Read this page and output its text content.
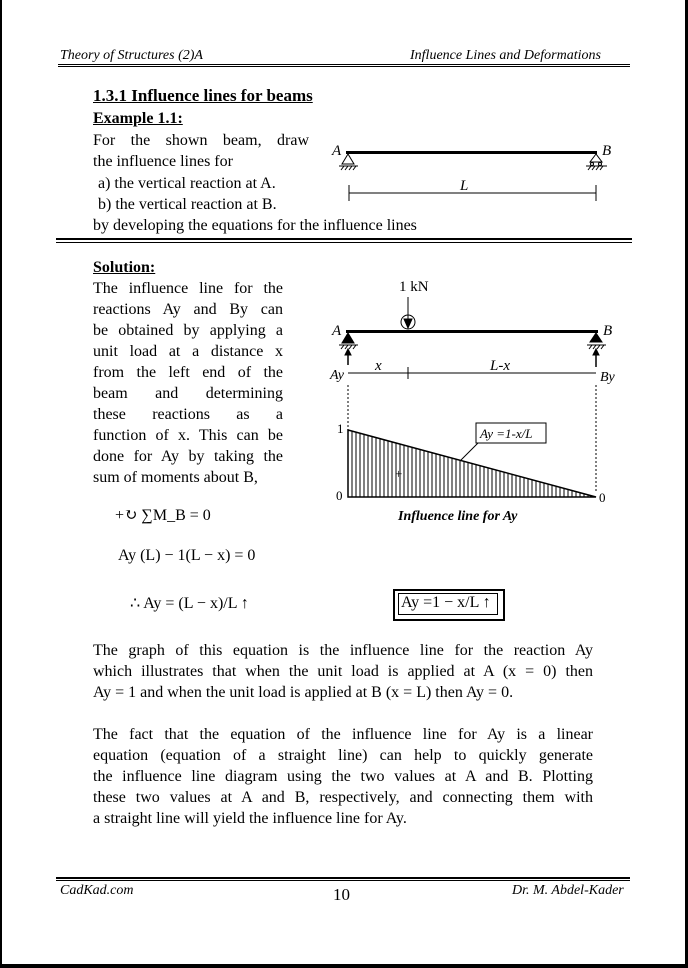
Theory of Structures (2)A	Influence Lines and Deformations
1.3.1 Influence lines for beams
Example 1.1:
For the shown beam, draw
the influence lines for
a) the vertical reaction at A.
b) the vertical reaction at B.
by developing the equations for the influence lines
A	B
L
Solution:
The influence line for the
reactions Ay and By can
be obtained by applying a
unit load at a distance x
from the left end of the
beam and determining
these reactions as a
function of x. This can be
done for Ay by taking the
sum of moments about B,
+↻ ∑M_B = 0
Ay (L) − 1(L − x) = 0
∴ Ay = (L − x)/L ↑	Ay =1 − x/L ↑
1 kN
A	B
Ay	By
x	L-x
1
0	0
+
Ay =1-x/L
Influence line for Ay
The graph of this equation is the influence line for the reaction Ay
which illustrates that when the unit load is applied at A (x = 0) then
Ay = 1 and when the unit load is applied at B (x = L) then Ay = 0.
The fact that the equation of the influence line for Ay is a linear
equation (equation of a straight line) can help to quickly generate
the influence line diagram using the two values at A and B. Plotting
these two values at A and B, respectively, and connecting them with
a straight line will yield the influence line for Ay.
CadKad.com	10	Dr. M. Abdel-Kader
